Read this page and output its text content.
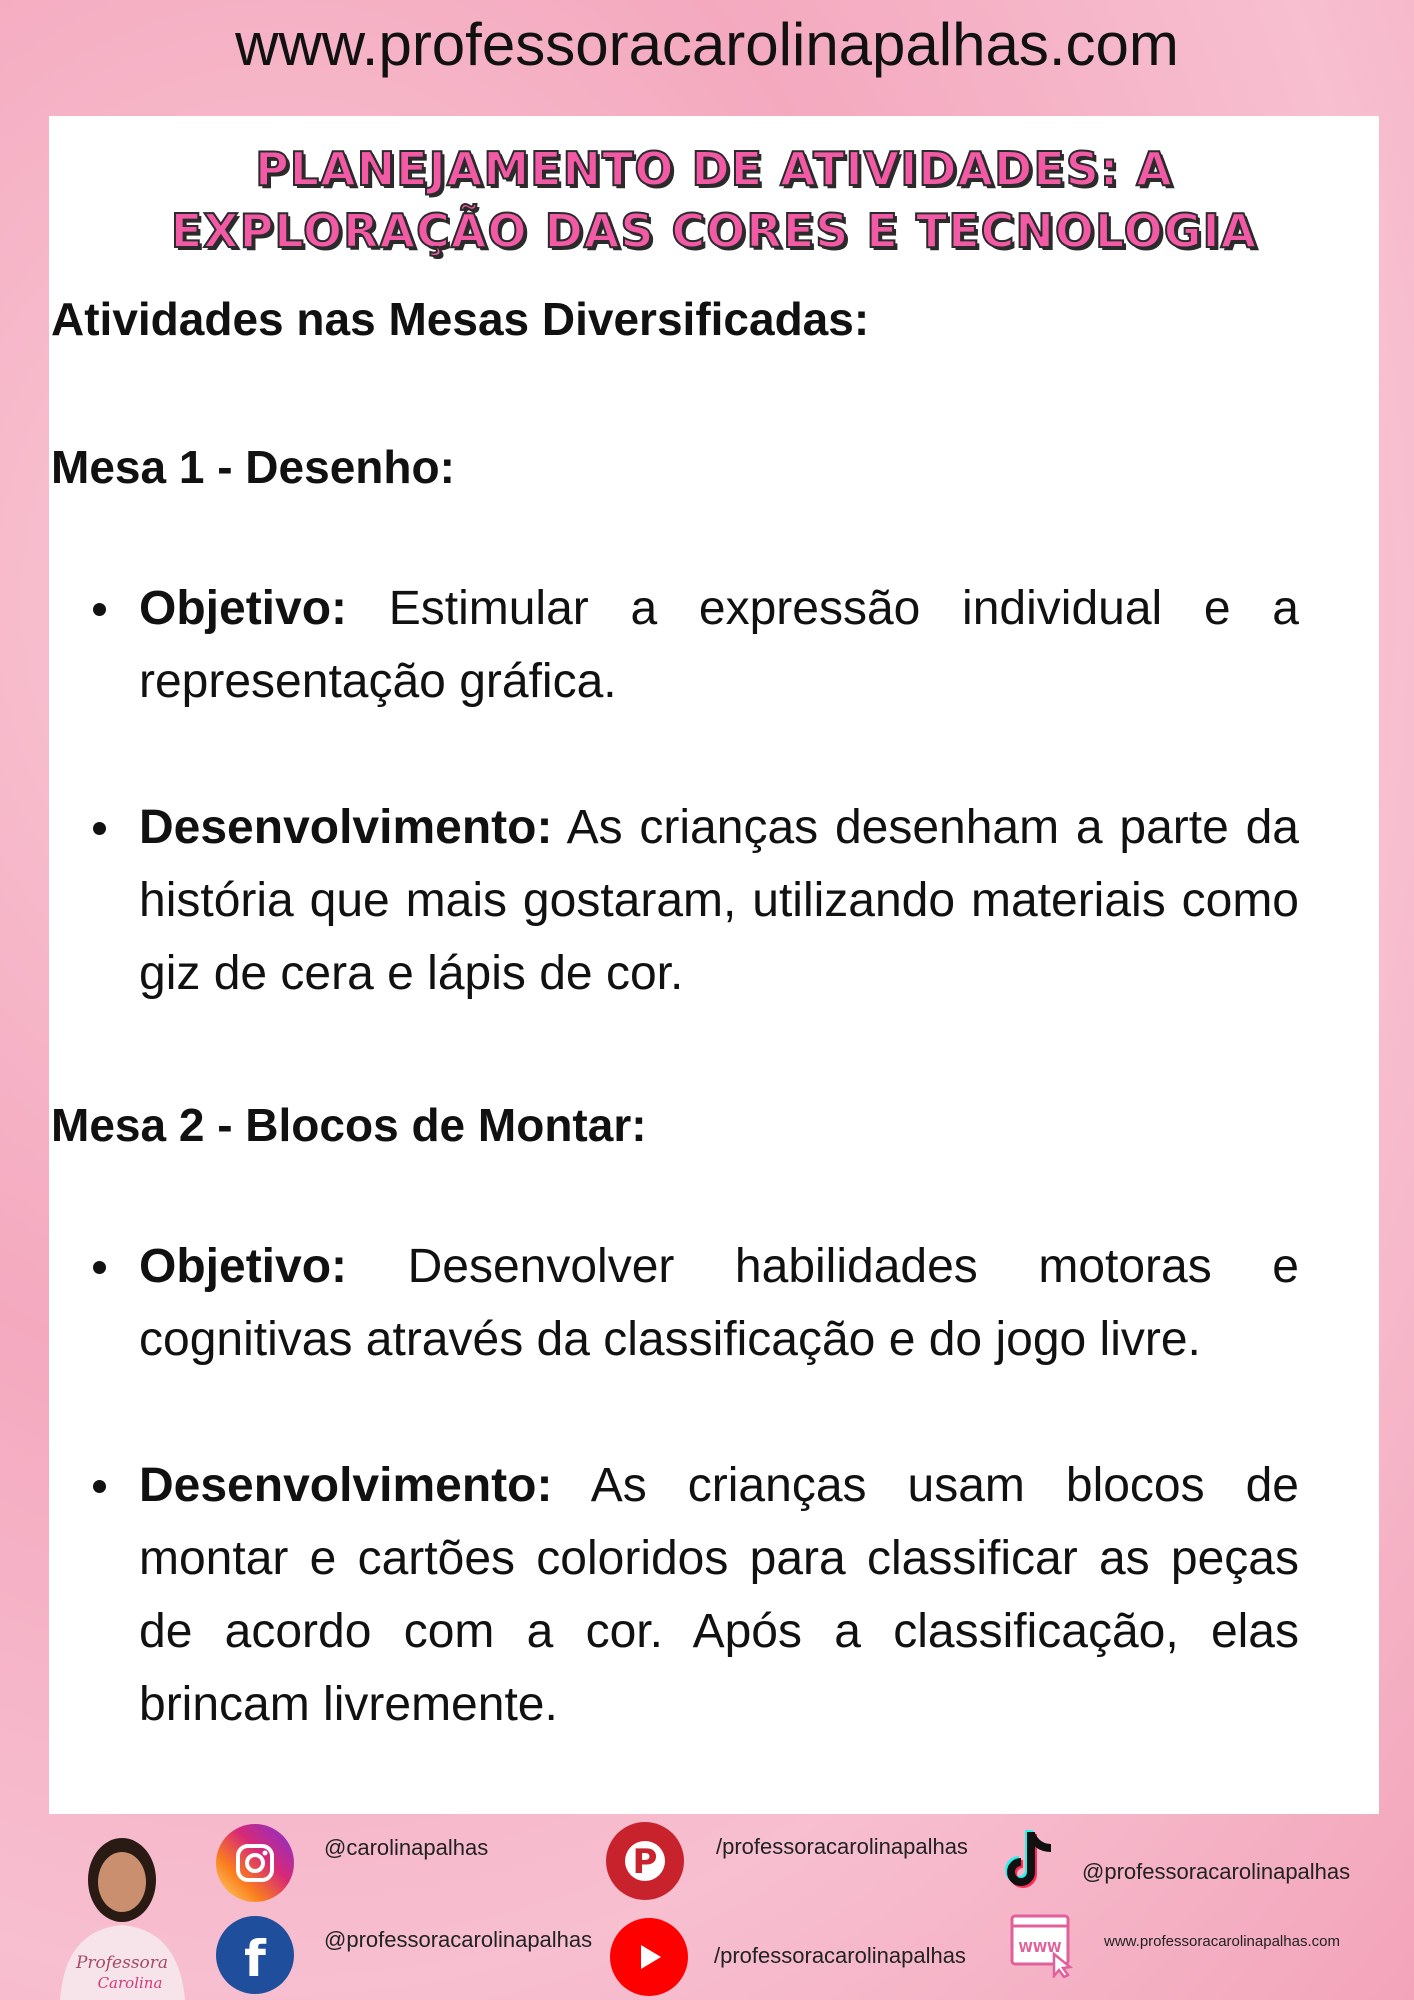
www.professoracarolinapalhas.com
PLANEJAMENTO DE ATIVIDADES: A
EXPLORAÇÃO DAS CORES E TECNOLOGIA
Atividades nas Mesas Diversificadas:
Mesa 1 - Desenho:
Objetivo: Estimular a expressão individual e a representação gráfica.
Desenvolvimento: As crianças desenham a parte da história que mais gostaram, utilizando materiais como giz de cera e lápis de cor.
Mesa 2 - Blocos de Montar:
Objetivo: Desenvolver habilidades motoras e cognitivas através da classificação e do jogo livre.
Desenvolvimento: As crianças usam blocos de montar e cartões coloridos para classificar as peças de acordo com a cor. Após a classificação, elas brincam livremente.
Professora
Carolina
@carolinapalhas	P	/professoracarolinapalhas
@professoracarolinapalhas
f	@professoracarolinapalhas
/professoracarolinapalhas	WWW	www.professoracarolinapalhas.com
